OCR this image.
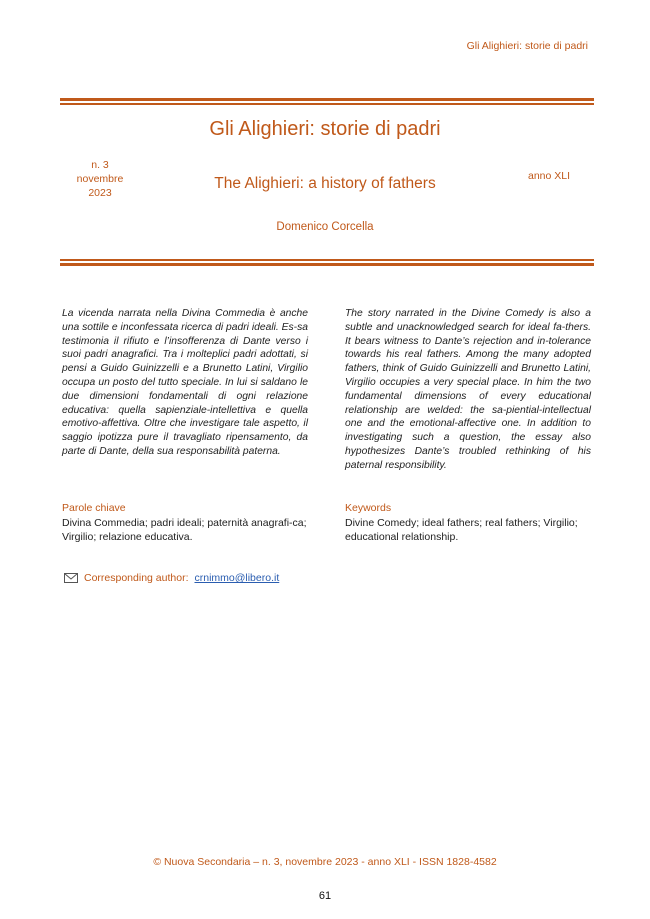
Gli Alighieri: storie di padri
Gli Alighieri: storie di padri
n. 3
novembre
2023
anno XLI
The Alighieri: a history of fathers
Domenico Corcella

La vicenda narrata nella Divina Commedia è anche una sottile e inconfessata ricerca di padri ideali. Es-sa testimonia il rifiuto e l’insofferenza di Dante verso i suoi padri anagrafici. Tra i molteplici padri adottati, si pensi a Guido Guinizzelli e a Brunetto Latini, Virgilio occupa un posto del tutto speciale. In lui si saldano le due dimensioni fondamentali di ogni relazione educativa: quella sapienziale-intellettiva e quella emotivo-affettiva. Oltre che investigare tale aspetto, il saggio ipotizza pure il travagliato ripensamento, da parte di Dante, della sua responsabilità paterna.

The story narrated in the Divine Comedy is also a subtle and unacknowledged search for ideal fa-thers. It bears witness to Dante’s rejection and in-tolerance towards his real fathers. Among the many adopted fathers, think of Guido Guinizzelli and Brunetto Latini, Virgilio occupies a very special place. In him the two fundamental dimensions of every educational relationship are welded: the sa-piential-intellectual one and the emotional-affective one. In addition to investigating such a question, the essay also hypothesizes Dante’s troubled rethinking of his paternal responsibility.

Parole chiave
Divina Commedia; padri ideali; paternità anagrafi-ca; Virgilio; relazione educativa.
Keywords
Divine Comedy; ideal fathers; real fathers; Virgilio; educational relationship.
Corresponding author: crnimmo@libero.it
© Nuova Secondaria – n. 3, novembre 2023 - anno XLI - ISSN 1828-4582
61
